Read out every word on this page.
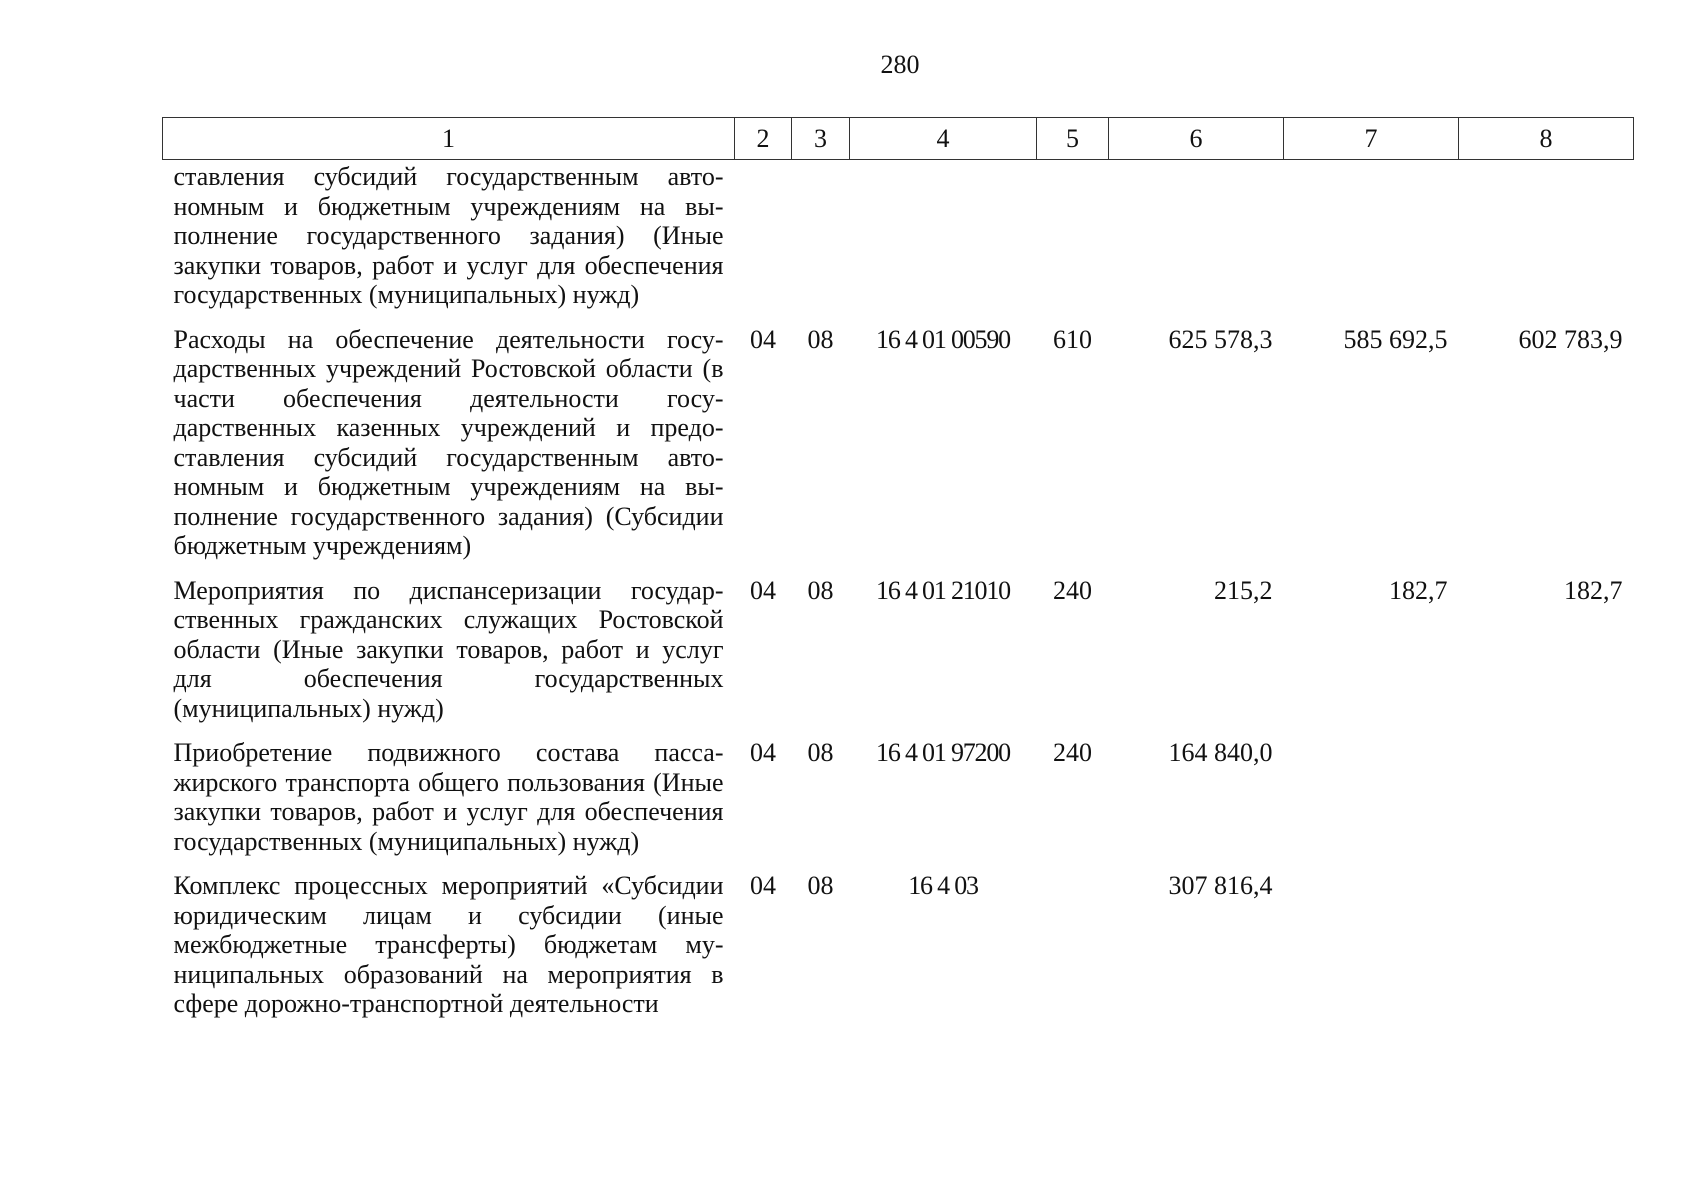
280
1	2	3	4	5	6	7	8
ставления субсидий государственным автономным и бюджетным учреждениям на выполнение государственного задания) (Иные закупки товаров, работ и услуг для обеспечения государственных (муниципальных) нужд)							
Расходы на обеспечение деятельности государственных учреждений Ростовской области (в части обеспечения деятельности государственных казенных учреждений и предоставления субсидий государственным автономным и бюджетным учреждениям на выполнение государственного задания) (Субсидии бюджетным учреждениям)	04	08	16 4 01 00590	610	625 578,3	585 692,5	602 783,9
Мероприятия по диспансеризации государственных гражданских служащих Ростовской области (Иные закупки товаров, работ и услуг для обеспечения государственных (муниципальных) нужд)	04	08	16 4 01 21010	240	215,2	182,7	182,7
Приобретение подвижного состава пассажирского транспорта общего пользования (Иные закупки товаров, работ и услуг для обеспечения государственных (муниципальных) нужд)	04	08	16 4 01 97200	240	164 840,0		
Комплекс процессных мероприятий «Субсидии юридическим лицам и субсидии (иные межбюджетные трансферты) бюджетам муниципальных образований на мероприятия в сфере дорожно-транспортной деятельности	04	08	16 4 03		307 816,4		
